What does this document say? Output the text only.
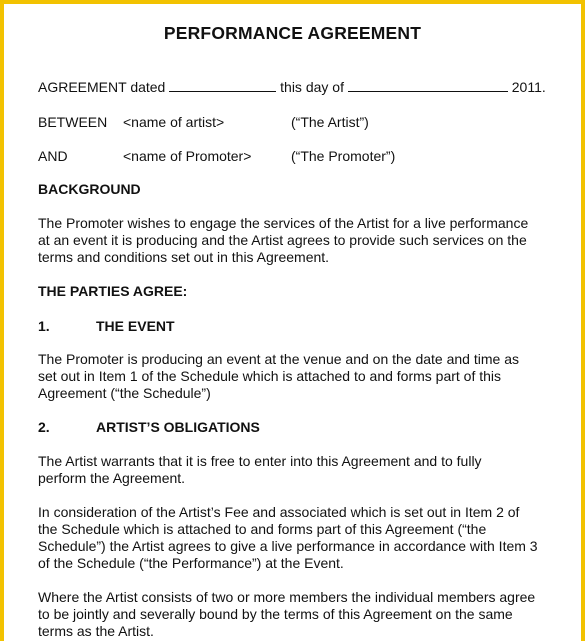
PERFORMANCE AGREEMENT
AGREEMENT dated	this day of	2011.
BETWEEN <name of artist>	(“The Artist”)
AND	<name of Promoter>	(“The Promoter”)
BACKGROUND
The Promoter wishes to engage the services of the Artist for a live performance
at an event it is producing and the Artist agrees to provide such services on the
terms and conditions set out in this Agreement.
THE PARTIES AGREE:
1.	THE EVENT
The Promoter is producing an event at the venue and on the date and time as
set out in Item 1 of the Schedule which is attached to and forms part of this
Agreement (“the Schedule”)
2.	ARTIST’S OBLIGATIONS
The Artist warrants that it is free to enter into this Agreement and to fully
perform the Agreement.
In consideration of the Artist’s Fee and associated which is set out in Item 2 of
the Schedule which is attached to and forms part of this Agreement (“the
Schedule”) the Artist agrees to give a live performance in accordance with Item 3
of the Schedule (“the Performance”) at the Event.
Where the Artist consists of two or more members the individual members agree
to be jointly and severally bound by the terms of this Agreement on the same
terms as the Artist.
